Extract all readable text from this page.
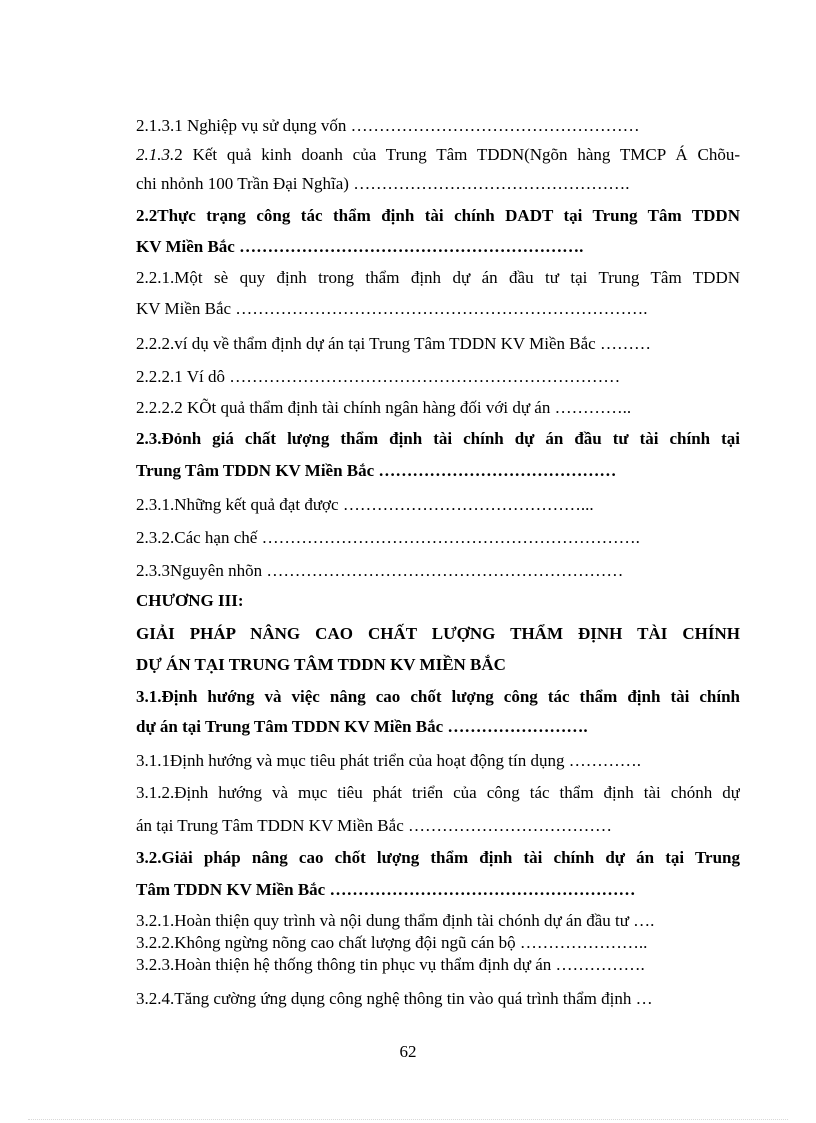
2.1.3.1 Nghiệp vụ sử dụng vốn ……………………………………………
2.1.3.2 Kết quả kinh doanh của Trung Tâm TDDN(Ngõn hàng TMCP Á Chõu-
chi nhỏnh 100 Trần Đại Nghĩa) ………………………………………….
2.2Thực trạng công tác thẩm định tài chính DADT tại Trung Tâm TDDN
KV Miền Bắc …………………………………………………….
2.2.1.Một sè quy định trong thẩm định dự án đầu tư tại Trung Tâm TDDN
KV Miền Bắc ……………………………………………………………….
2.2.2.ví dụ về thẩm định dự án tại Trung Tâm TDDN KV Miền Bắc ………
2.2.2.1 Ví dô ……………………………………………………………
2.2.2.2 KÕt quả thẩm định tài chính ngân hàng đối với dự án …………..
2.3.Đỏnh giá chất lượng thẩm định tài chính dự án đầu tư tài chính tại
Trung Tâm TDDN KV Miền Bắc ……………………………………
2.3.1.Những kết quả đạt được ……………………………………...
2.3.2.Các hạn chế ………………………………………………………….
2.3.3Nguyên nhõn ………………………………………………………
CHƯƠNG III:
GIẢI PHÁP NÂNG CAO CHẤT LƯỢNG THẨM ĐỊNH TÀI CHÍNH
DỰ ÁN TẠI TRUNG TÂM TDDN KV MIỀN BẮC
3.1.Định hướng và việc nâng cao chốt lượng công tác thẩm định tài chính
dự án tại Trung Tâm TDDN KV Miền Bắc …………………….
3.1.1Định hướng và mục tiêu phát triển của hoạt động tín dụng ………….
3.1.2.Định hướng và mục tiêu phát triển của công tác thẩm định tài chónh dự
án tại Trung Tâm TDDN KV Miền Bắc ………………………………
3.2.Giải pháp nâng cao chốt lượng thẩm định tài chính dự án tại Trung
Tâm TDDN KV Miền Bắc ………………………………………………
3.2.1.Hoàn thiện quy trình và nội dung thẩm định tài chónh dự án đầu tư ….
3.2.2.Không ngừng nõng cao chất lượng đội ngũ cán bộ …………………..
3.2.3.Hoàn thiện hệ thống thông tin phục vụ thẩm định dự án …………….
3.2.4.Tăng cường ứng dụng công nghệ thông tin vào quá trình thẩm định …
62
